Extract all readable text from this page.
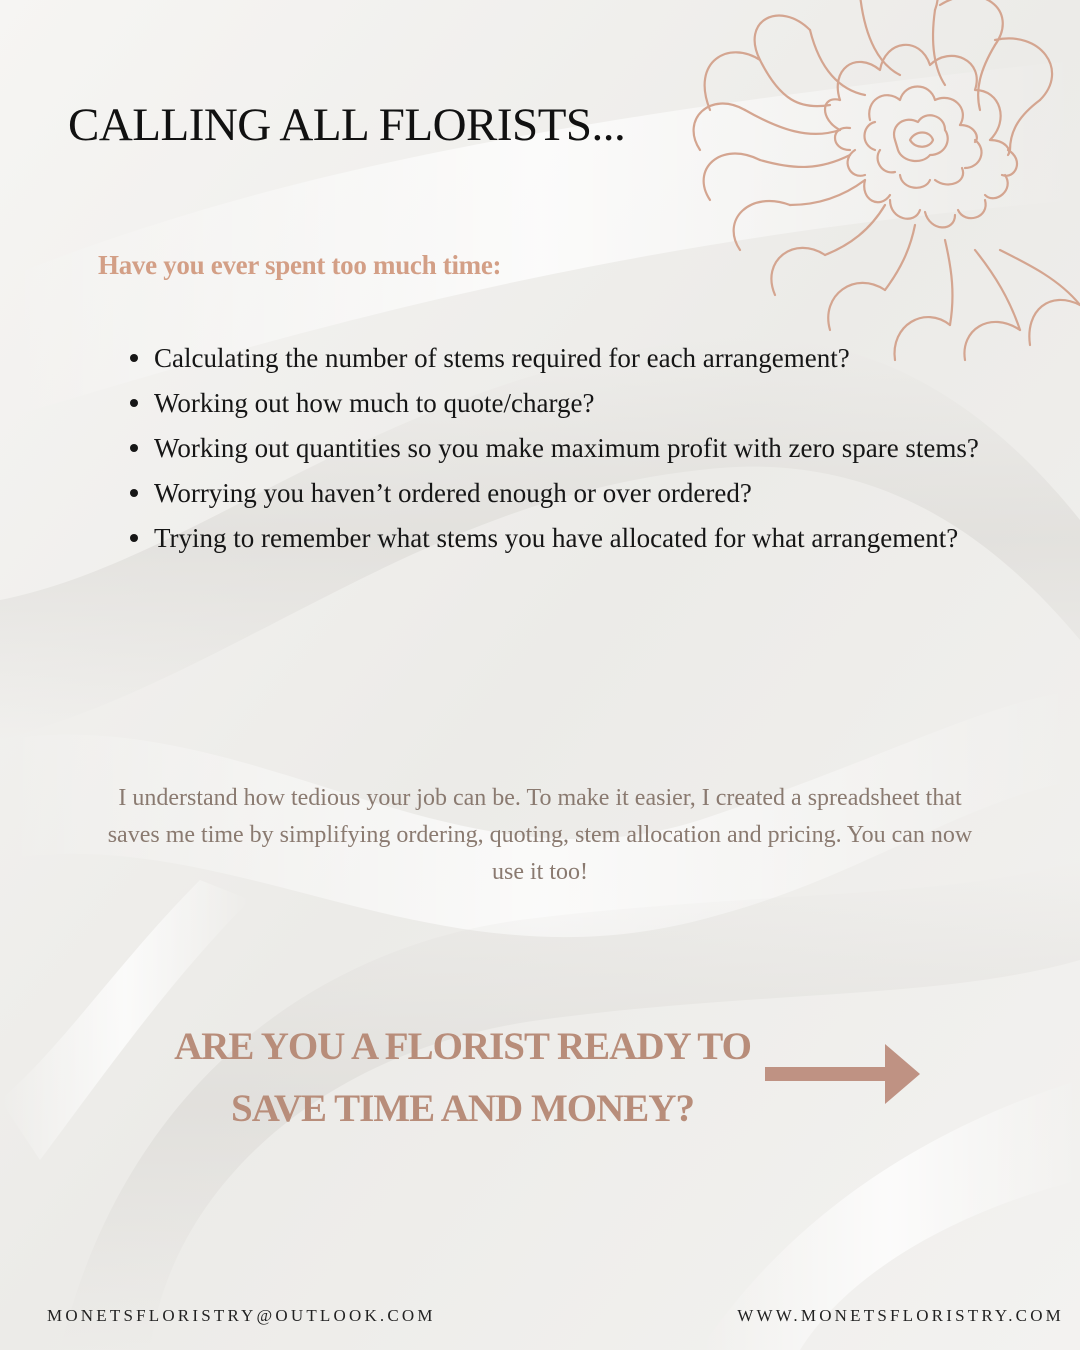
CALLING ALL FLORISTS...
Have you ever spent too much time:
Calculating the number of stems required for each arrangement?
Working out how much to quote/charge?
Working out quantities so you make maximum profit with zero spare stems?
Worrying you haven’t ordered enough or over ordered?
Trying to remember what stems you have allocated for what arrangement?

I understand how tedious your job can be. To make it easier, I created a spreadsheet that saves me time by simplifying ordering, quoting, stem allocation and pricing. You can now use it too!

ARE YOU A FLORIST READY TO
SAVE TIME AND MONEY?

MONETSFLORISTRY@OUTLOOK.COM	WWW.MONETSFLORISTRY.COM
